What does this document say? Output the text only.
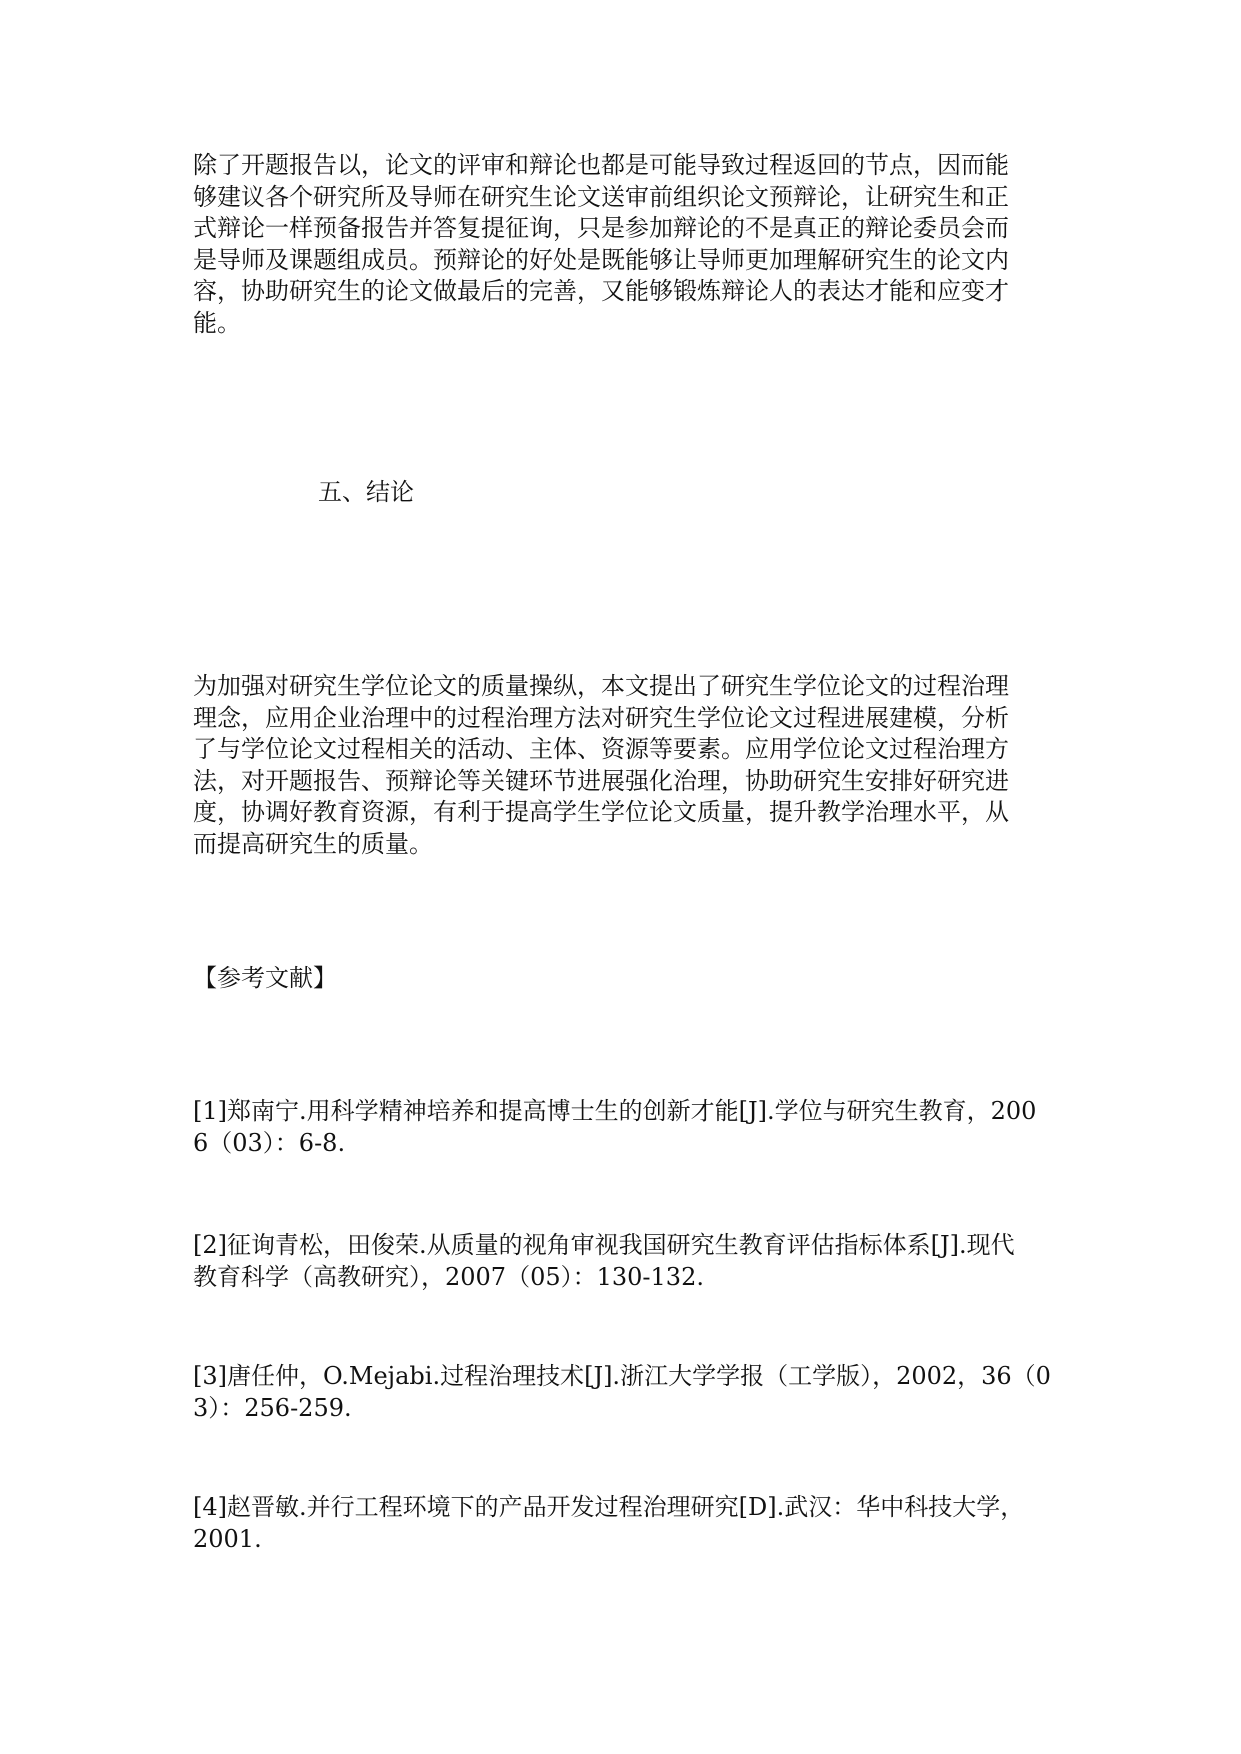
除了开题报告以，论文的评审和辩论也都是可能导致过程返回的节点，因而能
够建议各个研究所及导师在研究生论文送审前组织论文预辩论，让研究生和正
式辩论一样预备报告并答复提征询，只是参加辩论的不是真正的辩论委员会而
是导师及课题组成员。预辩论的好处是既能够让导师更加理解研究生的论文内
容，协助研究生的论文做最后的完善，又能够锻炼辩论人的表达才能和应变才
能。
五、结论
为加强对研究生学位论文的质量操纵，本文提出了研究生学位论文的过程治理
理念，应用企业治理中的过程治理方法对研究生学位论文过程进展建模，分析
了与学位论文过程相关的活动、主体、资源等要素。应用学位论文过程治理方
法，对开题报告、预辩论等关键环节进展强化治理，协助研究生安排好研究进
度，协调好教育资源，有利于提高学生学位论文质量，提升教学治理水平，从
而提高研究生的质量。
【参考文献】
[1]郑南宁.用科学精神培养和提高博士生的创新才能[J].学位与研究生教育，200
6（03）：6-8.
[2]征询青松，田俊荣.从质量的视角审视我国研究生教育评估指标体系[J].现代
教育科学（高教研究），2007（05）：130-132.
[3]唐任仲，O.Mejabi.过程治理技术[J].浙江大学学报（工学版），2002，36（0
3）：256-259.
[4]赵晋敏.并行工程环境下的产品开发过程治理研究[D].武汉：华中科技大学，
2001.
